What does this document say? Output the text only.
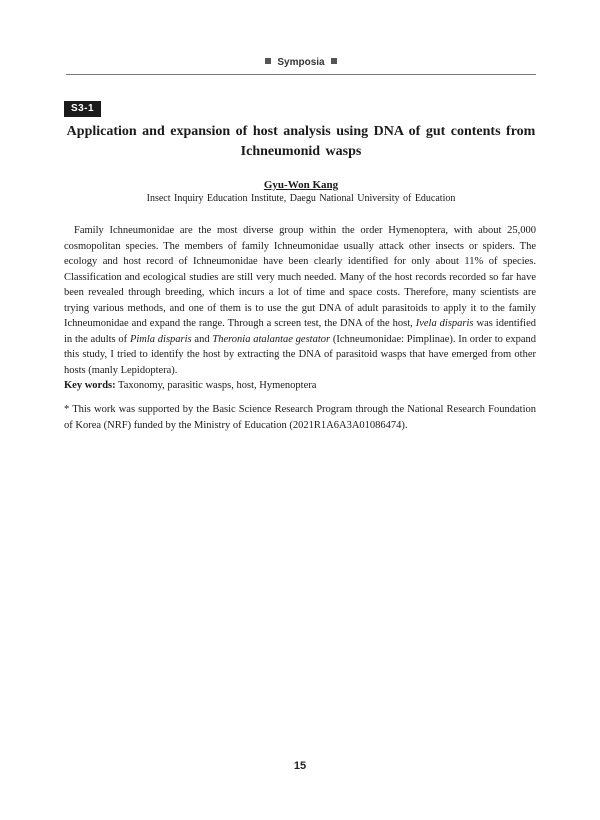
Symposia
S3-1
Application and expansion of host analysis using DNA of gut contents from
Ichneumonid wasps
Gyu-Won Kang
Insect Inquiry Education Institute, Daegu National University of Education

Family Ichneumonidae are the most diverse group within the order Hymenoptera, with about 25,000 cosmopolitan species. The members of family Ichneumonidae usually attack other insects or spiders. The ecology and host record of Ichneumonidae have been clearly identified for only about 11% of species. Classification and ecological studies are still very much needed. Many of the host records recorded so far have been revealed through breeding, which incurs a lot of time and space costs. Therefore, many scientists are trying various methods, and one of them is to use the gut DNA of adult parasitoids to apply it to the family Ichneumonidae and expand the range. Through a screen test, the DNA of the host, Ivela disparis was identified in the adults of Pimla disparis and Theronia atalantae gestator (Ichneumonidae: Pimplinae). In order to expand this study, I tried to identify the host by extracting the DNA of parasitoid wasps that have emerged from other hosts (manly Lepidoptera).

Key words: Taxonomy, parasitic wasps, host, Hymenoptera

* This work was supported by the Basic Science Research Program through the National Research Foundation of Korea (NRF) funded by the Ministry of Education (2021R1A6A3A01086474).

15
